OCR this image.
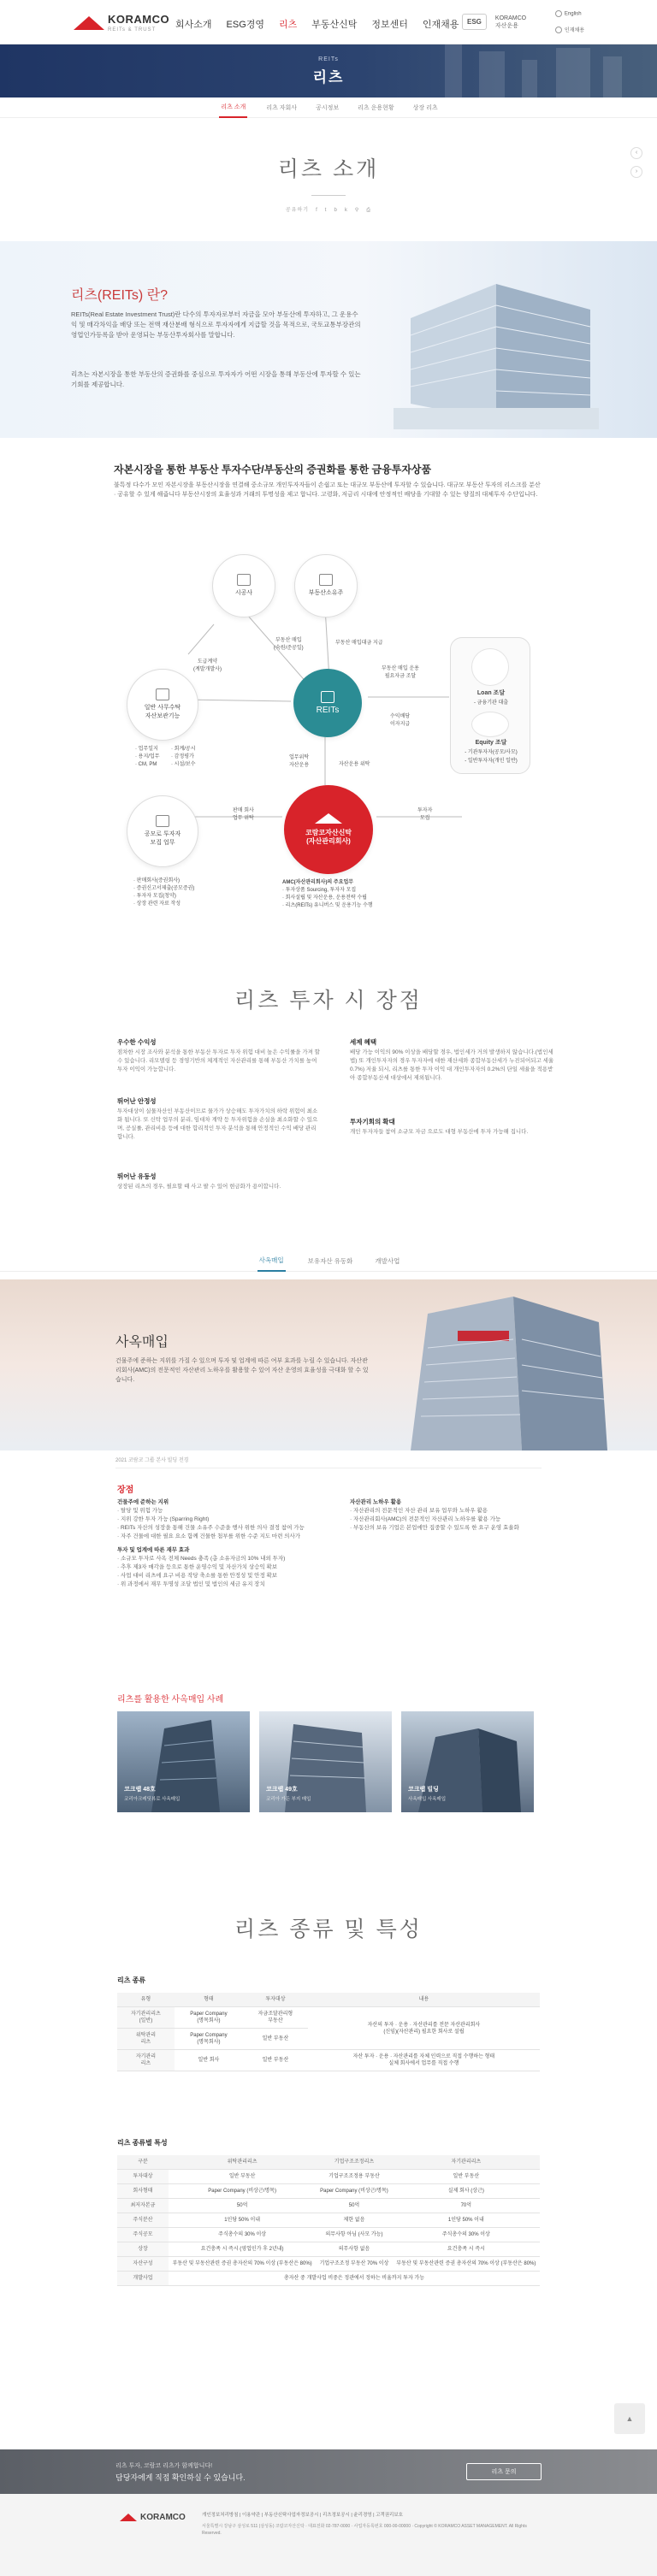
KORAMCO
REITs & TRUST	회사소개 ESG경영 리츠 부동산신탁 정보센터 인재채용	ESG	KORAMCO 자산운용
English
인재채용
REITs
리츠
리츠 소개	리츠 자회사	공시정보	리츠 운용현황	상장 리츠
리츠 소개
공유하기   f   t   b   k   ⚲   ⎙
‹
›
리츠(REITs) 란?

REITs(Real Estate Investment Trust)란 다수의 투자자로부터 자금을 모아 부동산에 투자하고, 그 운용수익 및 매각차익을 배당 또는 전액 재산분배 형식으로 투자자에게 지급할 것을 목적으로, 국토교통부장관의 영업인가등록을 받아 운영되는 부동산투자회사를 말합니다.

리츠는 자본시장을 통한 부동산의 증권화를 중심으로 투자자가 어떤 시장을 통해 부동산에 투자할 수 있는 기회를 제공합니다.

자본시장을 통한 부동산 투자수단/부동산의 증권화를 통한 금융투자상품
불특정 다수가 모인 자본시장을 부동산시장을 연결해 중소규모 개인투자자들이 손쉽고 또는 대규모 부동산에 투자할 수 있습니다. 대규모 부동산 투자의 리스크를 분산 · 공유할 수 있게 해줍니다 부동산시장의 효율성과 거래의 투명성을 제고 합니다. 고령화, 저금리 시대에 안정적인 배당을 기대할 수 있는 양질의 대체투자 수단입니다.
시공사	부동산소유주
REITs
일반 사무수탁
자산보관기능
공모로 투자자
모집 업무
코람코자산신탁
(자산관리회사)
Loan 조달
- 금융기관 대출
Equity 조달
- 기관투자자(공모/사모)
- 일반투자자(개인 일반)
도급계약
(계발개발사)
부동산 매입
(숙원/준공일)
부동산 매입대금 지급
부동산 매입 운용
필요자금 조달
수익배당
이자지급
업무위탁
자산운용	자산운용 위탁
판매 회사
업무 위탁
투자자
모집
· 업무일지	· 회계/공시
· 용지/업무 · 감정평가
· CM, PM	· 시설/보수
· 판매회사(증권회사)
· 증권신고서제출(공모증권)
· 투자자 모집(청약)
· 상장 관련 자료 작성
AMC(자산관리회사)의 주요업무
· 투자상품 Sourcing, 투자자 모집
· 회사설립 및 자산운용, 운용전략 수립
· 리츠(REITs) 유니버스 및 운용기능 수행
리츠 투자 시 장점
우수한 수익성

점차한 시장 조사와 분석을 통한 부동산 투자로 투자 위험 대비 높은 수익률을 가져 할 수 있습니다. 리모델링 등 경영기반의 체계적인 자산관리를 통해 부동산 가치를 높여 투자 이익이 가능합니다.

세제 혜택

배당 가능 이익의 90% 이상을 배당할 경우, 법인세가 거의 발생하지 않습니다.(법인세법) 또 개인투자자의 경우 투자자에 대한 재산세와 종합부동산세가 누진되어되고 세율 0.7%) 저율 되시, 리츠를 통한 투자 이익 대 개인투자자의 0.2%의 단일 세율을 적용받아 종합부동산세 대상에서 제외됩니다.

뛰어난 안정성

투자대상이 실물자산인 부동산이므로 물가가 상승해도 투자가치의 하락 위험이 최소화 됩니다. 또 신탁 업무의 분리, 임대차 계약 등 투자위험을 손실을 최소화할 수 있으며, 공실률, 관리비용 등에 대한 합리적인 투자 분석을 통해 안정적인 수익 배당 관리 합니다.

투자기회의 확대

개인 투자자들 참여 소규모 자금 으로도 대형 부동산에 투자 가능해 집니다.

뛰어난 유동성

상장된 리츠의 경우, 필요할 때 사고 팔 수 있어 현금화가 용이합니다.

사옥매입	보유자산 유동화	개발사업
사옥매입

건물주에 준하는 지위를 가질 수 있으며 투자 및 업계에 따른 여부 효과를 누릴 수 있습니다. 자산관리회사(AMC)의 전문적인 자산관리 노하우를 활용할 수 있어 자산 운영의 효율성을 극대화 할 수 있습니다.

2021 코람코 그룹 본사 빌딩 전경
장점
건물주에 준하는 지위
· 탈당 및 위험 가능
· 지위 강한 투자 가능 (Sparring Right)
· REITs 자산의 성장을 통해 건물 소유주 수준을 행사 위한 의사 결정 참여 가능
· 자주 건물에 대한 필요 요소 함께 건물한 첨부를 위한 수준 지도 마련 의사가
투자 및 업계에 따른 재무 효과
· 소규모 투자로 사옥 전체 Needs 충족 (총 소유자금의 10% 내외 투자)
· 추후 제3자 매각을 등으로 통한 운영수익 및 자산가치 상승익 확보
· 사업 대비 리츠에 요구 비용 작당 축소를 통한 안정성 및 안정 확보
· 위 과정에서 재무 투명성 조달 법인 및 법인의 세금 유지 장치
자산관리 노하우 활용
· 자산관리의 전문적인 자산 관리 보유 업무와 노하우 활용
· 자산관리회사(AMC)의 전문적인 자산관리 노하우를 활용 가능
· 부동산의 보유 기업은 본업에만 집중할 수 있도록 한 요구 운영 효율화
리츠를 활용한 사옥매입 사례
코크랩 48호
코리아크레딧뷰로 사옥매입
코크랩 49호
코리아 가든 부지 매입
코크랩 빌딩
사옥매입 사옥매입
리츠 종류 및 특성
리츠 종류
유형	형태	투자대상	내용
자기관리리츠
(일반)	Paper Company
(명목회사)	자금조달관리형
부동산	자산의 투자 · 운용 · 자산관리를 전문 자산관리회사
(신임)(자산관리) 필요한 회사로 설립
위탁관리
리츠	Paper Company
(명목회사)	일반 부동산	
자기관리
리츠	일반 회사	일반 부동산	자산 투자 · 운용 · 자산관리를 자체 인력으로 직접 수행하는 형태
실체 회사에서 업무를 직접 수행
리츠 종류별 특성
구분	위탁관리리츠	기업구조조정리츠	자기관리리츠
투자대상	일반 부동산	기업구조조정용 부동산	일반 부동산
회사형태	Paper Company (비상근/명목)	Paper Company (비상근/명목)	실제 회사 (상근)
최저자본금	50억	50억	70억
주식분산	1인당 50% 이내	제한 없음	1인당 50% 이내
주식공모	주식총수의 30% 이상	의무사항 아님 (사모 가능)	주식총수의 30% 이상
상장	요건충족 시 즉시 (영업인가 후 2년내)	의무사항 없음	요건충족 시 즉시
자산구성	부동산 및 부동산관련 증권 총자산의 70% 이상 (부동산은 80%)	기업구조조정 부동산 70% 이상	부동산 및 부동산관련 증권 총자산의 70% 이상 (부동산은 80%)
개발사업	총자산 중 개발사업 비중은 정관에서 정하는 비율까지 투자 가능		
▲
리츠 투자, 코람코 리츠가 함께합니다!
담당자에게 직접 확인하실 수 있습니다.
리츠 문의
KORAMCO	개인정보처리방침 | 이용약관 | 부동산신탁사업자정보공시 | 리츠정보공시 | 윤리경영 | 고객권리보호
서울특별시 강남구 삼성로 511 (삼성동) 코람코자산신탁 · 대표전화 02-787-0000 · 사업자등록번호 000-00-00000 · Copyright © KORAMCO ASSET MANAGEMENT. All Rights Reserved.
